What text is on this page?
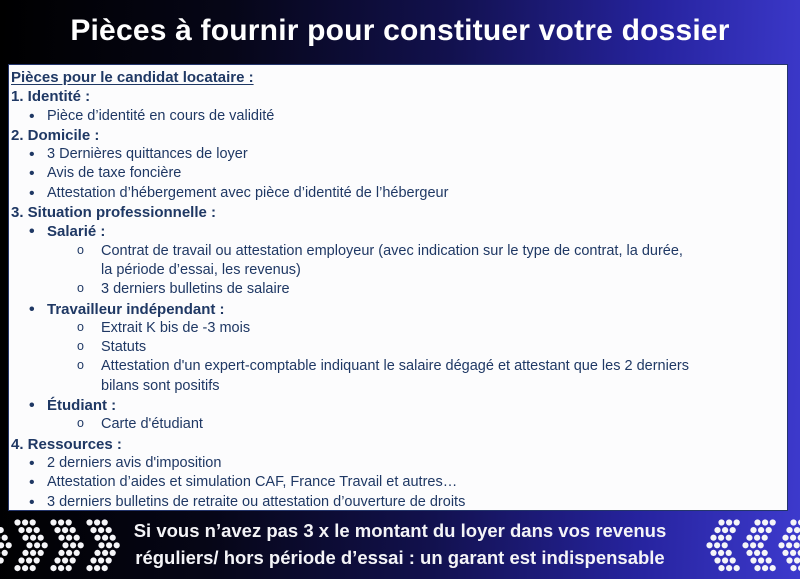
Pièces à fournir pour constituer votre dossier
Pièces pour le candidat locataire :
1. Identité :
• Pièce d’identité en cours de validité
2. Domicile :
• 3 Dernières quittances de loyer
• Avis de taxe foncière
• Attestation d’hébergement avec pièce d’identité de l’hébergeur
3. Situation professionnelle :
• Salarié :
o Contrat de travail ou attestation employeur (avec indication sur le type de contrat, la durée,
la période d’essai, les revenus)
o 3 derniers bulletins de salaire
• Travailleur indépendant :
o Extrait K bis de -3 mois
o Statuts
o Attestation d'un expert-comptable indiquant le salaire dégagé et attestant que les 2 derniers
bilans sont positifs
• Étudiant :
o Carte d'étudiant
4. Ressources :
• 2 derniers avis d'imposition
• Attestation d’aides et simulation CAF, France Travail et autres…
• 3 derniers bulletins de retraite ou attestation d’ouverture de droits
Si vous n’avez pas 3 x le montant du loyer dans vos revenus
réguliers/ hors période d’essai : un garant est indispensable
